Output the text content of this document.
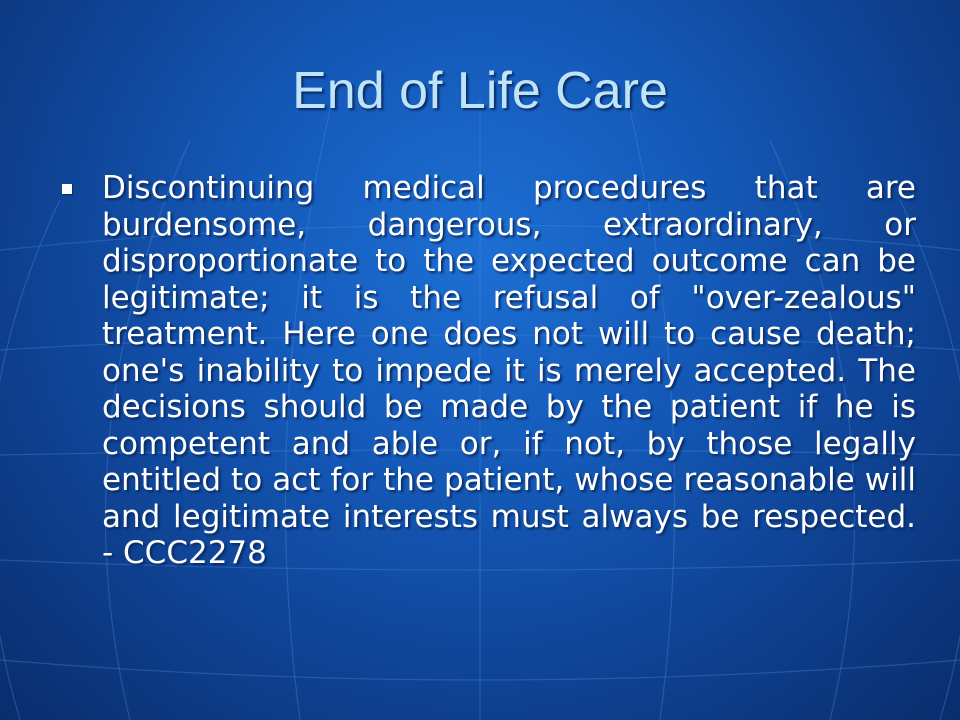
End of Life Care

Discontinuing medical procedures that are burdensome, dangerous, extraordinary, or disproportionate to the expected outcome can be legitimate; it is the refusal of "over-zealous" treatment. Here one does not will to cause death; one's inability to impede it is merely accepted. The decisions should be made by the patient if he is competent and able or, if not, by those legally entitled to act for the patient, whose reasonable will and legitimate interests must always be respected. - CCC2278
